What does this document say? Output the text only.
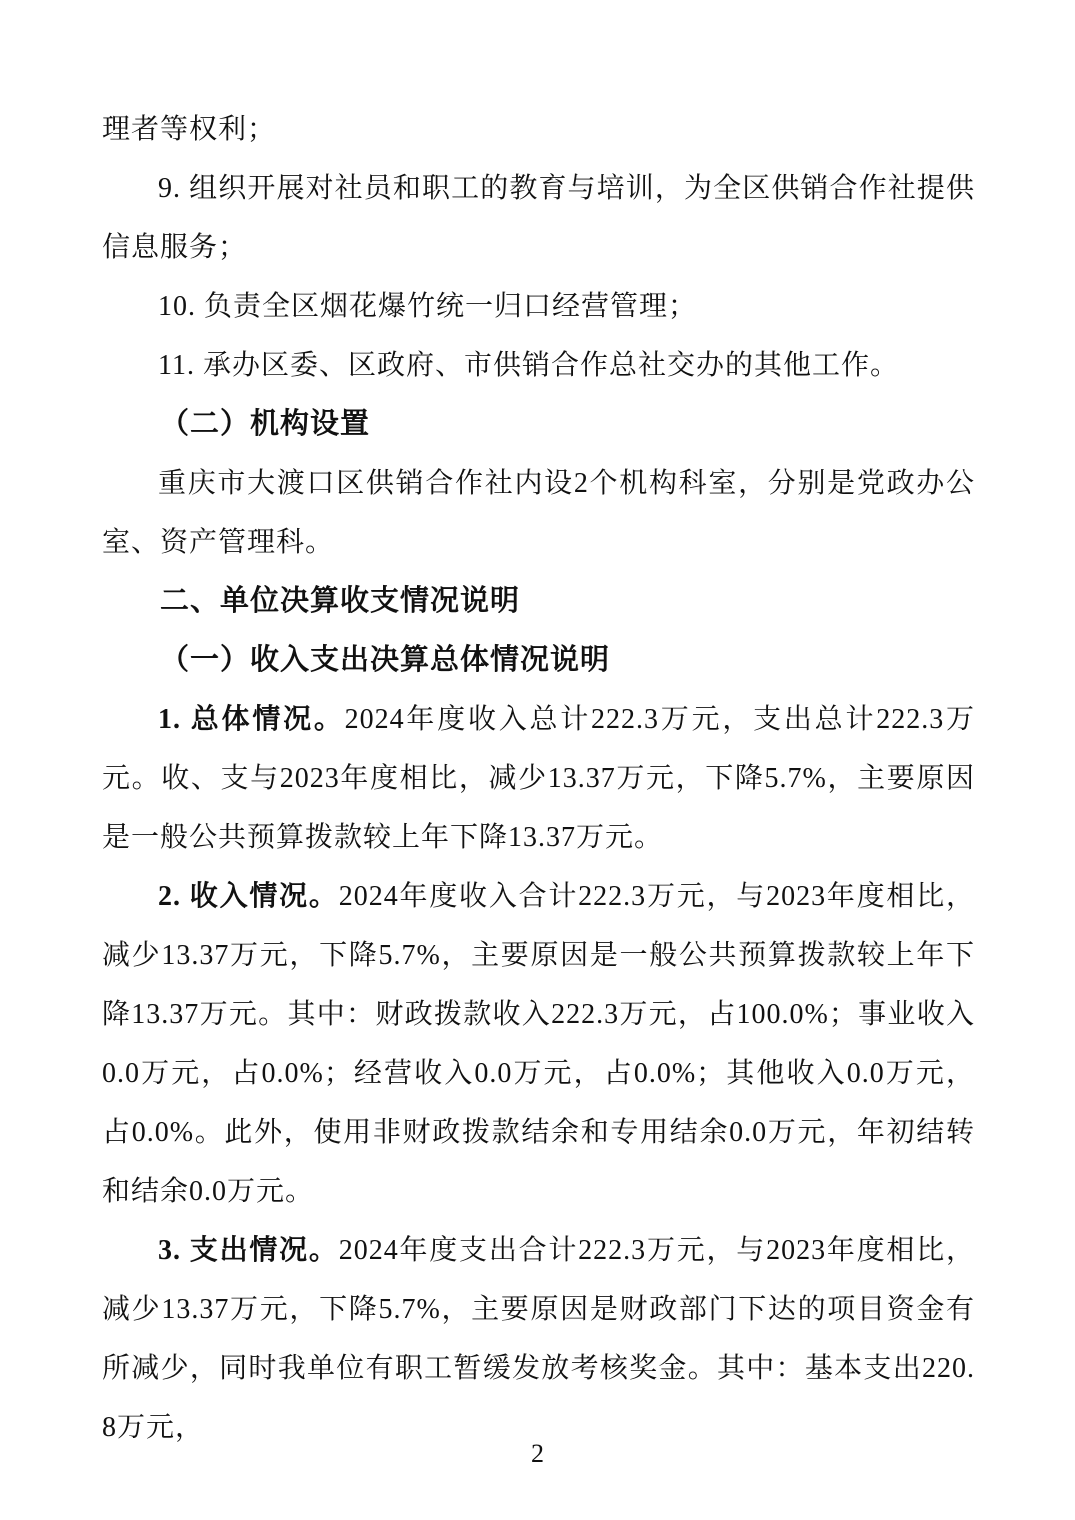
理者等权利；

9. 组织开展对社员和职工的教育与培训，为全区供销合作社提供信息服务；

10. 负责全区烟花爆竹统一归口经营管理；

11. 承办区委、区政府、市供销合作总社交办的其他工作。

（二）机构设置

重庆市大渡口区供销合作社内设2个机构科室，分别是党政办公室、资产管理科。

二、单位决算收支情况说明
（一）收入支出决算总体情况说明

1. 总体情况。2024年度收入总计222.3万元，支出总计222.3万元。收、支与2023年度相比，减少13.37万元，下降5.7%，主要原因是一般公共预算拨款较上年下降13.37万元。

2. 收入情况。2024年度收入合计222.3万元，与2023年度相比，减少13.37万元，下降5.7%，主要原因是一般公共预算拨款较上年下降13.37万元。其中：财政拨款收入222.3万元，占100.0%；事业收入0.0万元，占0.0%；经营收入0.0万元，占0.0%；其他收入0.0万元，占0.0%。此外，使用非财政拨款结余和专用结余0.0万元，年初结转和结余0.0万元。

3. 支出情况。2024年度支出合计222.3万元，与2023年度相比，减少13.37万元，下降5.7%，主要原因是财政部门下达的项目资金有所减少，同时我单位有职工暂缓发放考核奖金。其中：基本支出220.8万元，

2
